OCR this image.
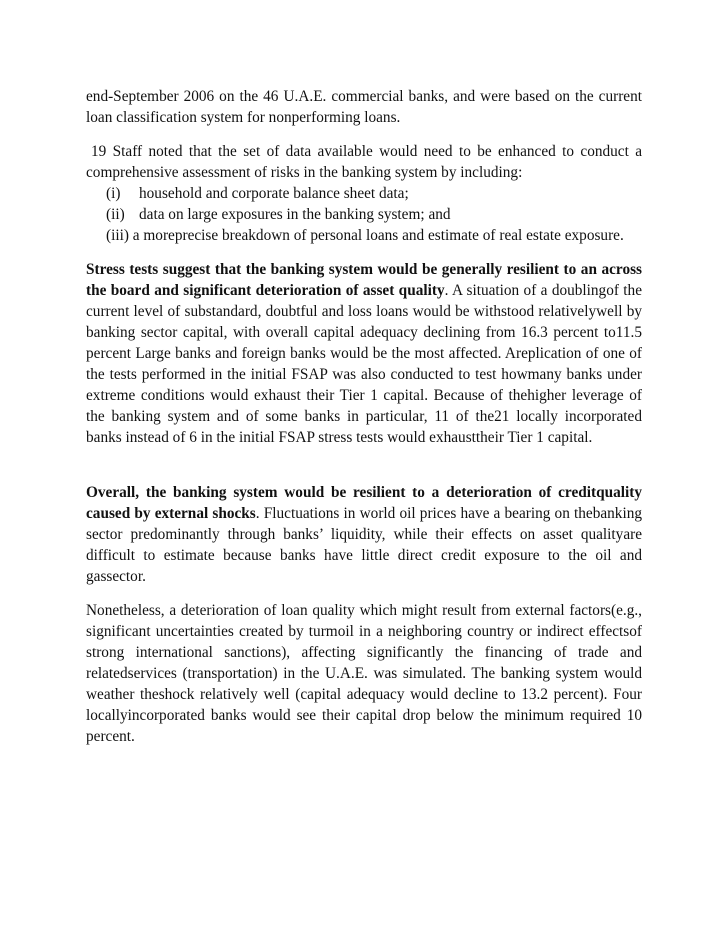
end-September 2006 on the 46 U.A.E. commercial banks, and were based on the current loan classification system for nonperforming loans.

19 Staff noted that the set of data available would need to be enhanced to conduct a comprehensive assessment of risks in the banking system by including:

(i)	household and corporate balance sheet data;
(ii) data on large exposures in the banking system; and
(iii) a moreprecise breakdown of personal loans and estimate of real estate exposure.

Stress tests suggest that the banking system would be generally resilient to an across the board and significant deterioration of asset quality. A situation of a doublingof the current level of substandard, doubtful and loss loans would be withstood relativelywell by banking sector capital, with overall capital adequacy declining from 16.3 percent to11.5 percent Large banks and foreign banks would be the most affected. Areplication of one of the tests performed in the initial FSAP was also conducted to test howmany banks under extreme conditions would exhaust their Tier 1 capital. Because of thehigher leverage of the banking system and of some banks in particular, 11 of the21 locally incorporated banks instead of 6 in the initial FSAP stress tests would exhausttheir Tier 1 capital.

Overall, the banking system would be resilient to a deterioration of creditquality caused by external shocks. Fluctuations in world oil prices have a bearing on thebanking sector predominantly through banks’ liquidity, while their effects on asset qualityare difficult to estimate because banks have little direct credit exposure to the oil and gassector.

Nonetheless, a deterioration of loan quality which might result from external factors(e.g., significant uncertainties created by turmoil in a neighboring country or indirect effectsof strong international sanctions), affecting significantly the financing of trade and relatedservices (transportation) in the U.A.E. was simulated. The banking system would weather theshock relatively well (capital adequacy would decline to 13.2 percent). Four locallyincorporated banks would see their capital drop below the minimum required 10 percent.
